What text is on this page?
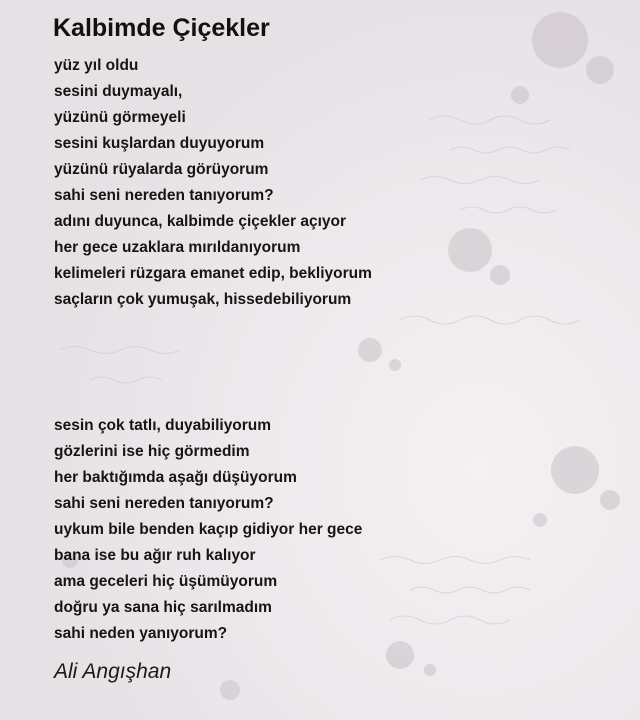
Kalbimde Çiçekler
yüz yıl oldu
sesini duymayalı,
yüzünü görmeyeli
sesini kuşlardan duyuyorum
yüzünü rüyalarda görüyorum
sahi seni nereden tanıyorum?
adını duyunca, kalbimde çiçekler açıyor
her gece uzaklara mırıldanıyorum
kelimeleri rüzgara emanet edip, bekliyorum
saçların çok yumuşak, hissedebiliyorum
sesin çok tatlı, duyabiliyorum
gözlerini ise hiç görmedim
her baktığımda aşağı düşüyorum
sahi seni nereden tanıyorum?
uykum bile benden kaçıp gidiyor her gece
bana ise bu ağır ruh kalıyor
ama geceleri hiç üşümüyorum
doğru ya sana hiç sarılmadım
sahi neden yanıyorum?

Ali Angışhan
